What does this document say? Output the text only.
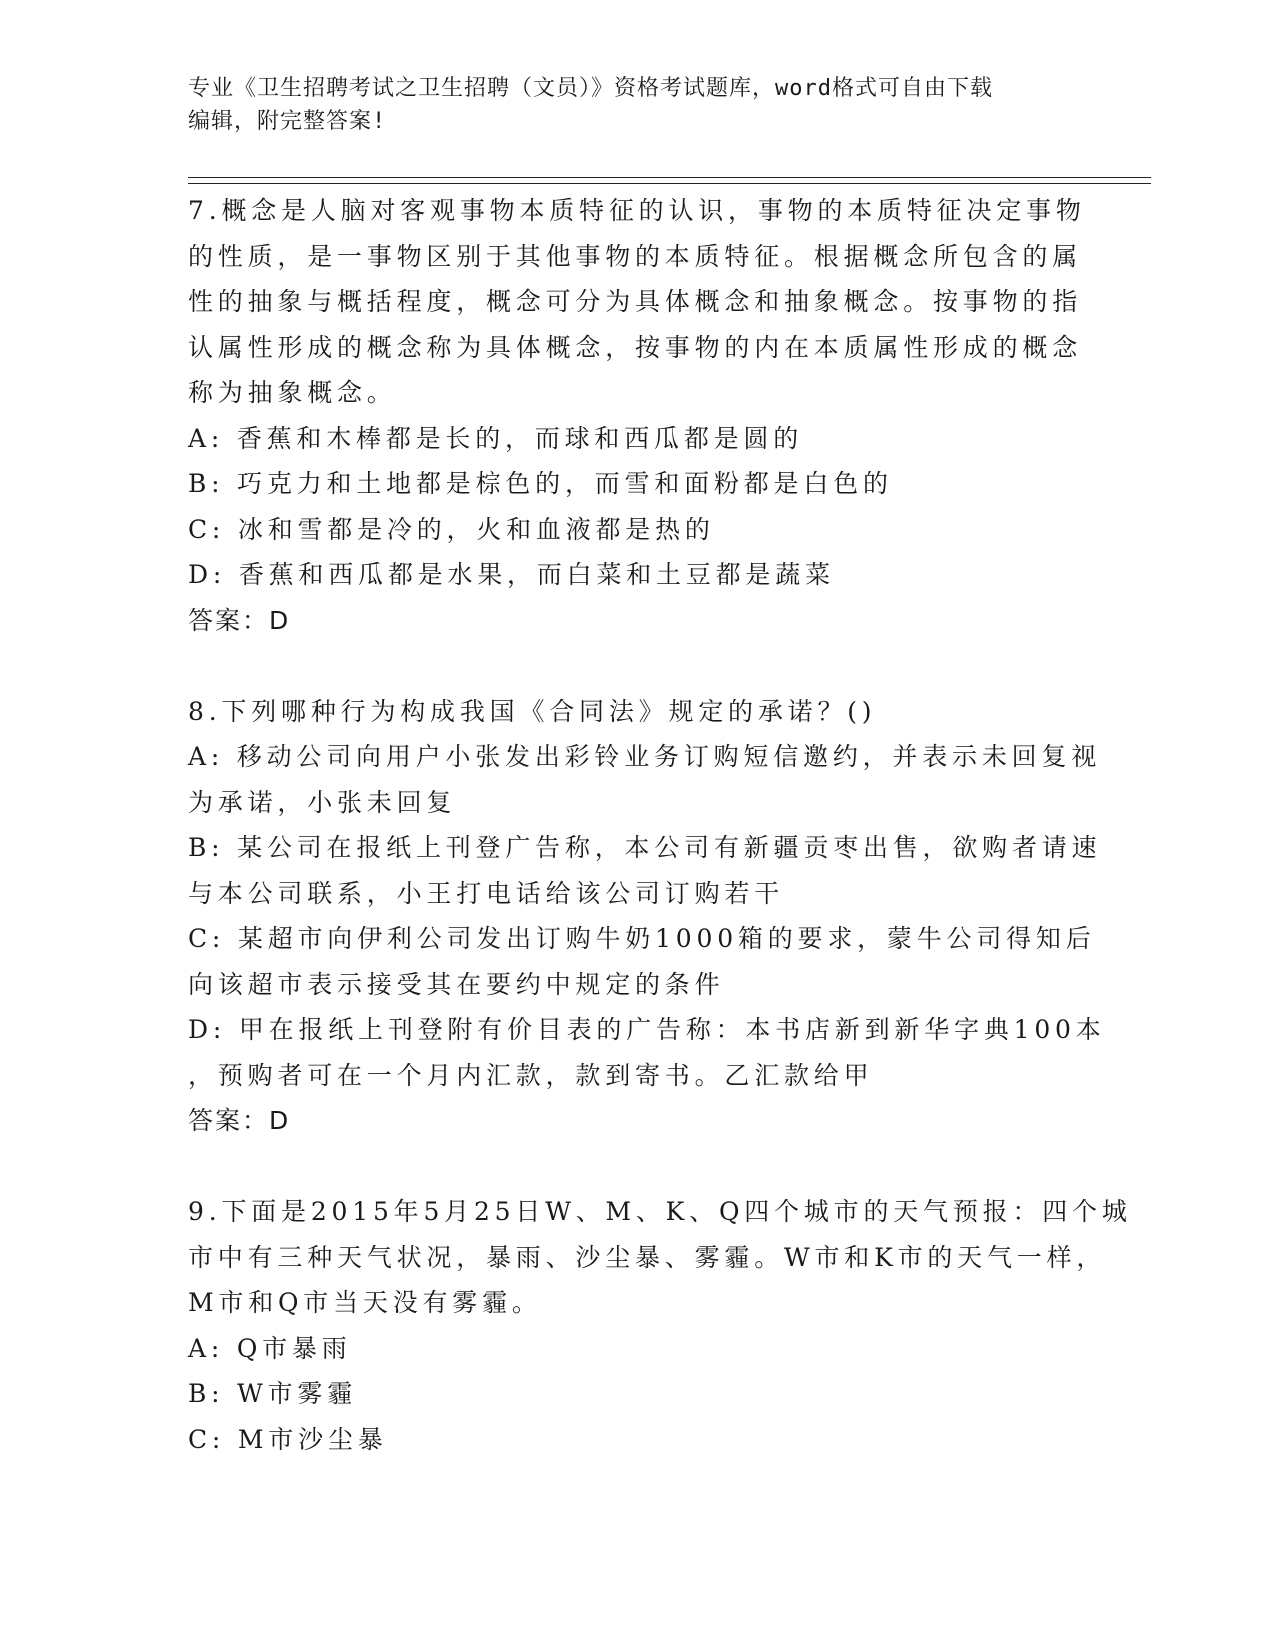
专业《卫生招聘考试之卫生招聘（文员）》资格考试题库，word格式可自由下载
编辑，附完整答案!
7.概念是人脑对客观事物本质特征的认识，事物的本质特征决定事物
的性质，是一事物区别于其他事物的本质特征。根据概念所包含的属
性的抽象与概括程度，概念可分为具体概念和抽象概念。按事物的指
认属性形成的概念称为具体概念，按事物的内在本质属性形成的概念
称为抽象概念。
A: 香蕉和木棒都是长的，而球和西瓜都是圆的
B: 巧克力和土地都是棕色的，而雪和面粉都是白色的
C: 冰和雪都是冷的，火和血液都是热的
D: 香蕉和西瓜都是水果，而白菜和土豆都是蔬菜
答案：D
8.下列哪种行为构成我国《合同法》规定的承诺？()
A: 移动公司向用户小张发出彩铃业务订购短信邀约，并表示未回复视
为承诺，小张未回复
B: 某公司在报纸上刊登广告称，本公司有新疆贡枣出售，欲购者请速
与本公司联系，小王打电话给该公司订购若干
C: 某超市向伊利公司发出订购牛奶1000箱的要求，蒙牛公司得知后
向该超市表示接受其在要约中规定的条件
D: 甲在报纸上刊登附有价目表的广告称：本书店新到新华字典100本
，预购者可在一个月内汇款，款到寄书。乙汇款给甲
答案：D
9.下面是2015年5月25日W、M、K、Q四个城市的天气预报：四个城
市中有三种天气状况，暴雨、沙尘暴、雾霾。W市和K市的天气一样，
M市和Q市当天没有雾霾。
A: Q市暴雨
B: W市雾霾
C: M市沙尘暴
